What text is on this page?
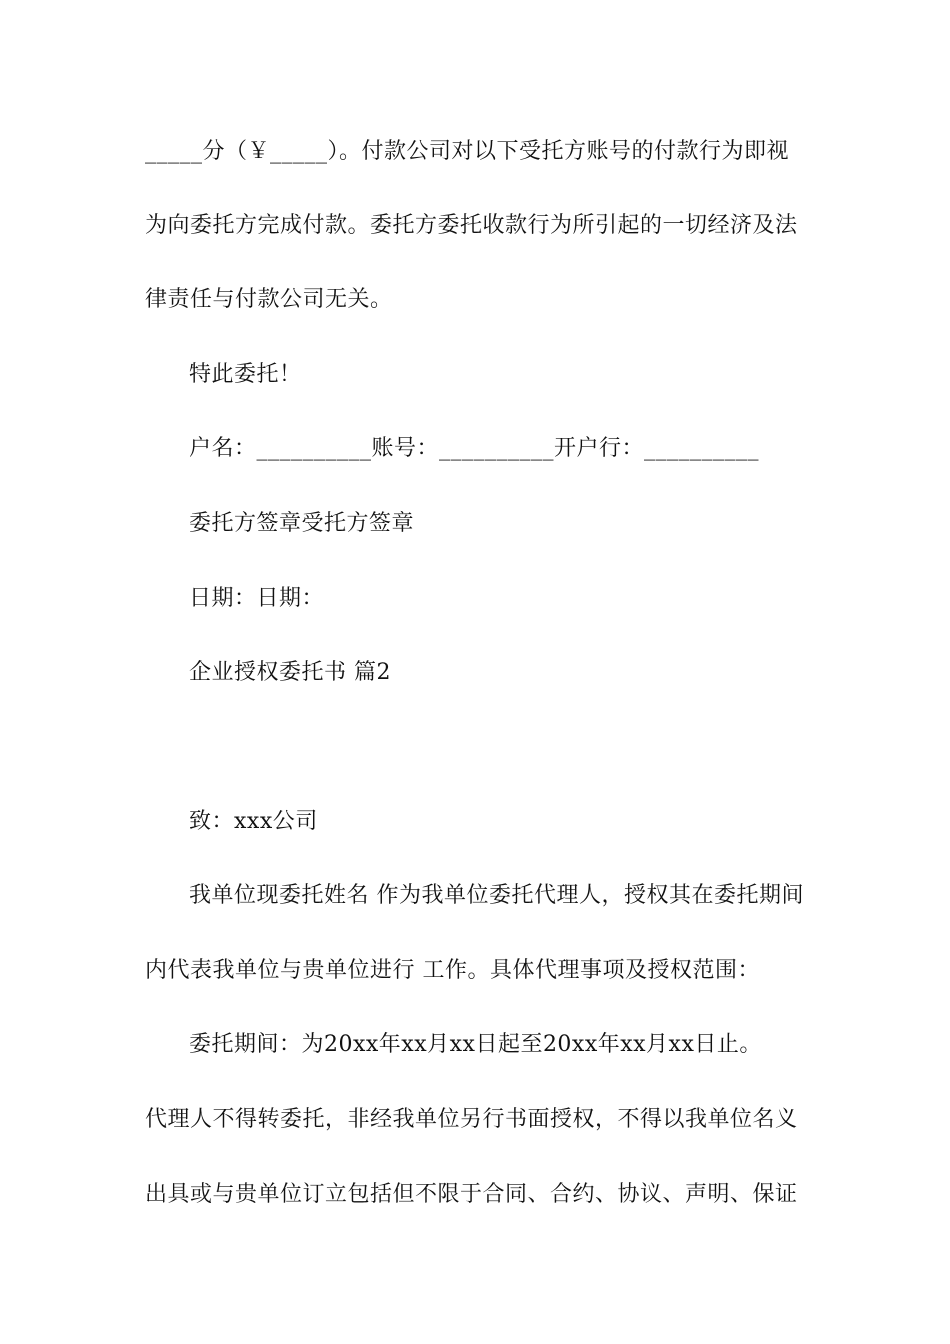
_____分（￥_____）。付款公司对以下受托方账号的付款行为即视
为向委托方完成付款。委托方委托收款行为所引起的一切经济及法
律责任与付款公司无关。
特此委托！
户名：__________账号：__________开户行：__________
委托方签章受托方签章
日期：日期：
企业授权委托书 篇2
致：xxx公司
我单位现委托姓名 作为我单位委托代理人，授权其在委托期间
内代表我单位与贵单位进行 工作。具体代理事项及授权范围：
委托期间：为20xx年xx月xx日起至20xx年xx月xx日止。
代理人不得转委托，非经我单位另行书面授权，不得以我单位名义
出具或与贵单位订立包括但不限于合同、合约、协议、声明、保证
